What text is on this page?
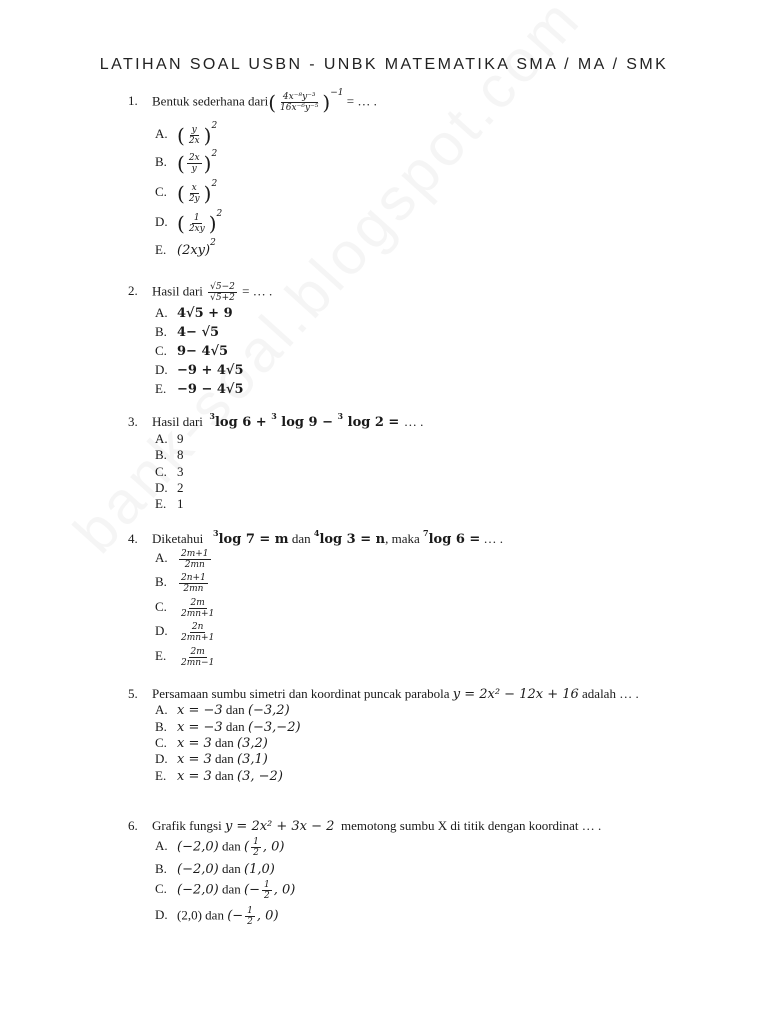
LATIHAN SOAL USBN - UNBK MATEMATIKA SMA / MA / SMK
1. Bentuk sederhana dari( $\frac{\text{4x⁻⁸y⁻³}}{\text{16x⁻⁶y⁻⁵}} )^{-1}$ = … .
A. ( $\frac{y}{2x} )^2$
B. ( $\frac{2x}{y} )^2$
C. ( $\frac{x}{2y} )^2$
D. ( $\frac{1}{2xy} )^2$
E. $(2xy)^2$
2. Hasil dari $\frac{√5-2}{√5+2}$ = … .
A. 4√5 + 9
B. 4− √5
C. 9− 4√5
D. −9 + 4√5
E. −9 − 4√5
3. Hasil dari $^3$log 6 + $^3$ log 9 − $^3$ log 2 = … .
A. 9
B. 8
C. 3
D. 2
E. 1
4. Diketahui $^3$log 7 = m dan $^4$log 3 = n, maka $^7$log 6 = … .
A. $\frac{2m+1}{2mn}$
B. $\frac{2n+1}{2mn}$
C. $\frac{2m}{2mn+1}$
D. $\frac{2n}{2mn+1}$
E. $\frac{2m}{2mn-1}$
5. Persamaan sumbu simetri dan koordinat puncak parabola y = 2x² − 12x + 16 adalah … .
A. x = −3 dan (−3,2)
B. x = −3 dan (−3,−2)
C. x = 3 dan (3,2)
D. x = 3 dan (3,1)
E. x = 3 dan (3, −2)
6. Grafik fungsi y = 2x² + 3x − 2 memotong sumbu X di titik dengan koordinat … .
A. (−2,0) dan ( $\frac{1}{2}$ , 0)
B. (−2,0) dan (1,0)
C. (−2,0) dan (− $\frac{1}{2}$ , 0)
D. (2,0) dan (− $\frac{1}{2}$ , 0)
